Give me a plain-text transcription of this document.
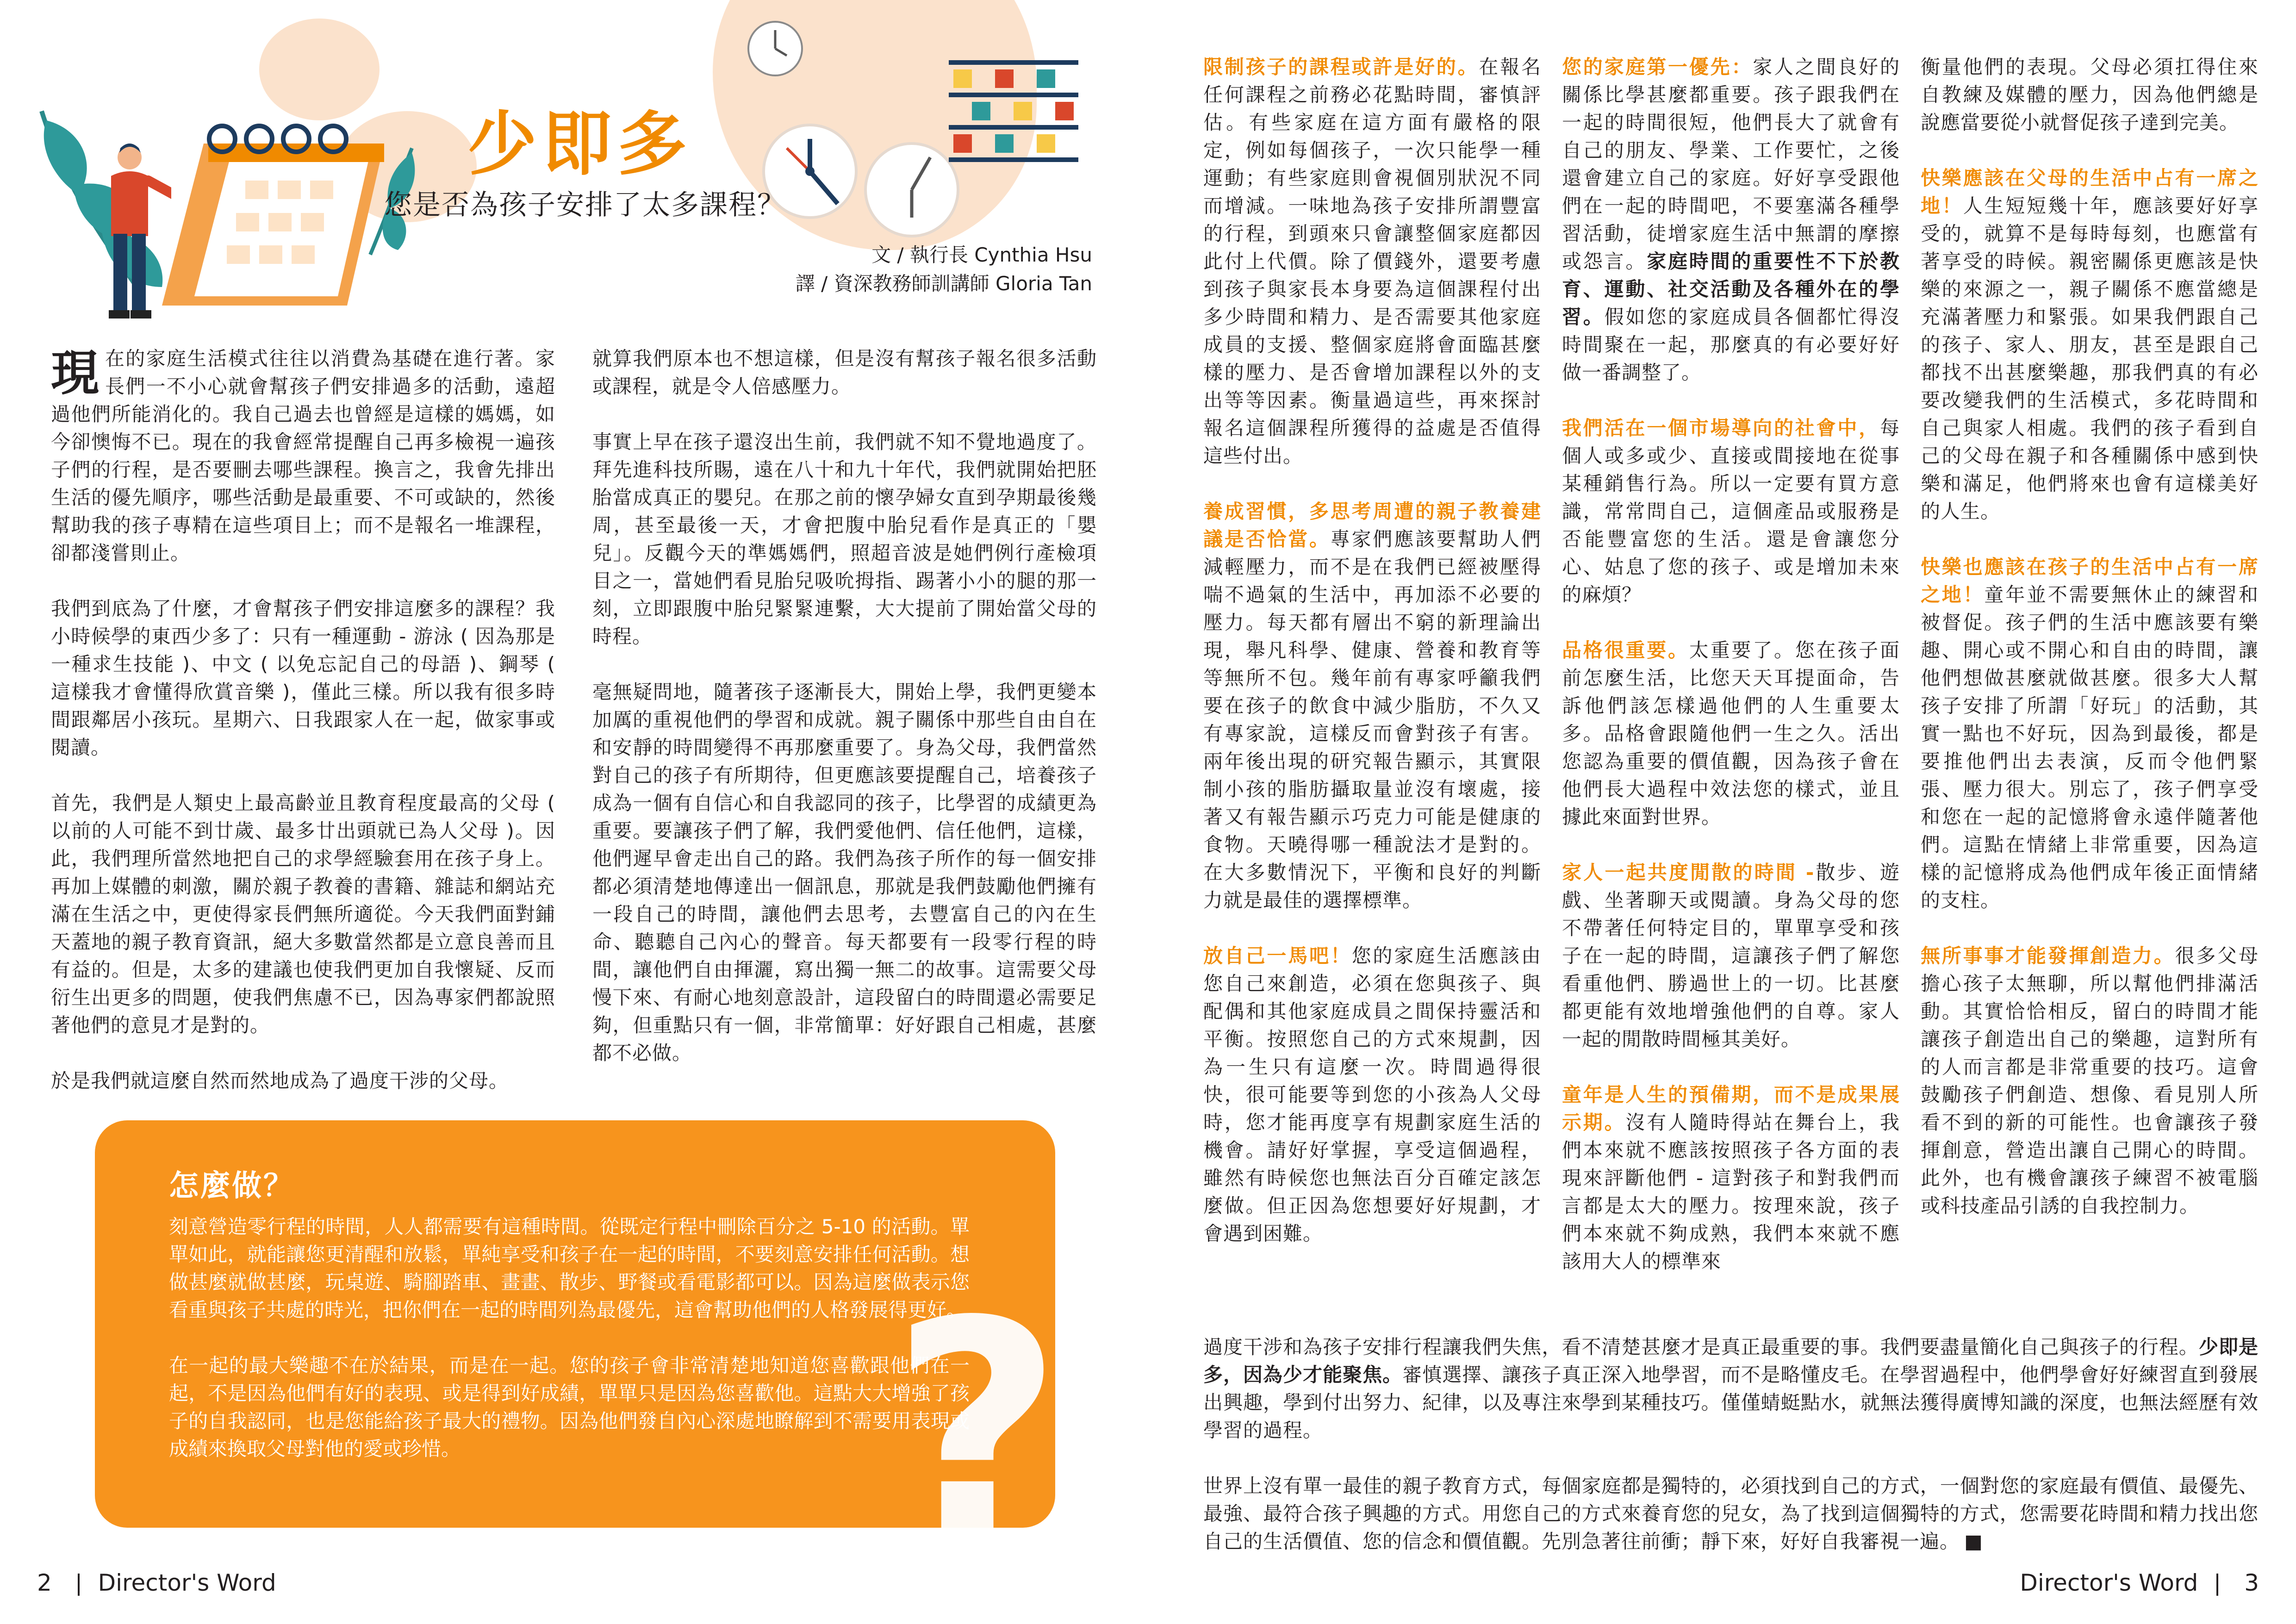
少即多
您是否為孩子安排了太多課程？
文 / 執行長 Cynthia Hsu
譯 / 資深教務師訓講師 Gloria Tan

現 在的家庭生活模式往往以消費為基礎在進行著。家長們一不小心就會幫孩子們安排過多的活動，遠超過他們所能消化的。我自己過去也曾經是這樣的媽媽，如今卻懊悔不已。現在的我會經常提醒自己再多檢視一遍孩子們的行程，是否要刪去哪些課程。換言之，我會先排出生活的優先順序，哪些活動是最重要、不可或缺的，然後幫助我的孩子專精在這些項目上；而不是報名一堆課程，卻都淺嘗則止。

我們到底為了什麼，才會幫孩子們安排這麼多的課程？我小時候學的東西少多了：只有一種運動 - 游泳 ( 因為那是一種求生技能 )、中文 ( 以免忘記自己的母語 )、鋼琴 ( 這樣我才會懂得欣賞音樂 )，僅此三樣。所以我有很多時間跟鄰居小孩玩。星期六、日我跟家人在一起，做家事或閱讀。

首先，我們是人類史上最高齡並且教育程度最高的父母 ( 以前的人可能不到廿歲、最多廿出頭就已為人父母 )。因此，我們理所當然地把自己的求學經驗套用在孩子身上。再加上媒體的刺激，關於親子教養的書籍、雜誌和網站充滿在生活之中，更使得家長們無所適從。今天我們面對鋪天蓋地的親子教育資訊，絕大多數當然都是立意良善而且有益的。但是，太多的建議也使我們更加自我懷疑、反而衍生出更多的問題，使我們焦慮不已，因為專家們都說照著他們的意見才是對的。

於是我們就這麼自然而然地成為了過度干涉的父母。

就算我們原本也不想這樣，但是沒有幫孩子報名很多活動或課程，就是令人倍感壓力。

事實上早在孩子還沒出生前，我們就不知不覺地過度了。拜先進科技所賜，遠在八十和九十年代，我們就開始把胚胎當成真正的嬰兒。在那之前的懷孕婦女直到孕期最後幾周，甚至最後一天，才會把腹中胎兒看作是真正的「嬰兒」。反觀今天的準媽媽們，照超音波是她們例行產檢項目之一，當她們看見胎兒吸吮拇指、踢著小小的腿的那一刻，立即跟腹中胎兒緊緊連繫，大大提前了開始當父母的時程。

毫無疑問地，隨著孩子逐漸長大，開始上學，我們更變本加厲的重視他們的學習和成就。親子關係中那些自由自在和安靜的時間變得不再那麼重要了。身為父母，我們當然對自己的孩子有所期待，但更應該要提醒自己，培養孩子成為一個有自信心和自我認同的孩子，比學習的成績更為重要。要讓孩子們了解，我們愛他們、信任他們，這樣，他們遲早會走出自己的路。我們為孩子所作的每一個安排都必須清楚地傳達出一個訊息，那就是我們鼓勵他們擁有一段自己的時間，讓他們去思考，去豐富自己的內在生命、聽聽自己內心的聲音。每天都要有一段零行程的時間，讓他們自由揮灑，寫出獨一無二的故事。這需要父母慢下來、有耐心地刻意設計，這段留白的時間還必需要足夠，但重點只有一個，非常簡單：好好跟自己相處，甚麼都不必做。

怎麼做？

刻意營造零行程的時間，人人都需要有這種時間。從既定行程中刪除百分之 5-10 的活動。單單如此，就能讓您更清醒和放鬆，單純享受和孩子在一起的時間，不要刻意安排任何活動。想做甚麼就做甚麼，玩桌遊、騎腳踏車、畫畫、散步、野餐或看電影都可以。因為這麼做表示您看重與孩子共處的時光，把你們在一起的時間列為最優先，這會幫助他們的人格發展得更好。

在一起的最大樂趣不在於結果，而是在一起。您的孩子會非常清楚地知道您喜歡跟他們在一起，不是因為他們有好的表現、或是得到好成績，單單只是因為您喜歡他。這點大大增強了孩子的自我認同，也是您能給孩子最大的禮物。因為他們發自內心深處地瞭解到不需要用表現或成績來換取父母對他的愛或珍惜。	?

限制孩子的課程或許是好的。在報名任何課程之前務必花點時間，審慎評估。有些家庭在這方面有嚴格的限定，例如每個孩子，一次只能學一種運動；有些家庭則會視個別狀況不同而增減。一味地為孩子安排所謂豐富的行程，到頭來只會讓整個家庭都因此付上代價。除了價錢外，還要考慮到孩子與家長本身要為這個課程付出多少時間和精力、是否需要其他家庭成員的支援、整個家庭將會面臨甚麼樣的壓力、是否會增加課程以外的支出等等因素。衡量過這些，再來探討報名這個課程所獲得的益處是否值得這些付出。

養成習慣，多思考周遭的親子教養建議是否恰當。專家們應該要幫助人們減輕壓力，而不是在我們已經被壓得喘不過氣的生活中，再加添不必要的壓力。每天都有層出不窮的新理論出現，舉凡科學、健康、營養和教育等等無所不包。幾年前有專家呼籲我們要在孩子的飲食中減少脂肪，不久又有專家說，這樣反而會對孩子有害。兩年後出現的研究報告顯示，其實限制小孩的脂肪攝取量並沒有壞處，接著又有報告顯示巧克力可能是健康的食物。天曉得哪一種說法才是對的。在大多數情況下，平衡和良好的判斷力就是最佳的選擇標準。

放自己一馬吧！您的家庭生活應該由您自己來創造，必須在您與孩子、與配偶和其他家庭成員之間保持靈活和平衡。按照您自己的方式來規劃，因為一生只有這麼一次。時間過得很快，很可能要等到您的小孩為人父母時，您才能再度享有規劃家庭生活的機會。請好好掌握，享受這個過程，雖然有時候您也無法百分百確定該怎麼做。但正因為您想要好好規劃，才會遇到困難。

您的家庭第一優先：家人之間良好的關係比學甚麼都重要。孩子跟我們在一起的時間很短，他們長大了就會有自己的朋友、學業、工作要忙，之後還會建立自己的家庭。好好享受跟他們在一起的時間吧，不要塞滿各種學習活動，徒增家庭生活中無謂的摩擦或怨言。家庭時間的重要性不下於教育、運動、社交活動及各種外在的學習。假如您的家庭成員各個都忙得沒時間聚在一起，那麼真的有必要好好做一番調整了。

我們活在一個市場導向的社會中，每個人或多或少、直接或間接地在從事某種銷售行為。所以一定要有買方意識，常常問自己，這個產品或服務是否能豐富您的生活。還是會讓您分心、姑息了您的孩子、或是增加未來的麻煩？

品格很重要。太重要了。您在孩子面前怎麼生活，比您天天耳提面命，告訴他們該怎樣過他們的人生重要太多。品格會跟隨他們一生之久。活出您認為重要的價值觀，因為孩子會在他們長大過程中效法您的樣式，並且據此來面對世界。

家人一起共度閒散的時間 -散步、遊戲、坐著聊天或閱讀。身為父母的您不帶著任何特定目的，單單享受和孩子在一起的時間，這讓孩子們了解您看重他們、勝過世上的一切。比甚麼都更能有效地增強他們的自尊。家人一起的閒散時間極其美好。

童年是人生的預備期，而不是成果展示期。沒有人隨時得站在舞台上，我們本來就不應該按照孩子各方面的表現來評斷他們 - 這對孩子和對我們而言都是太大的壓力。按理來說，孩子們本來就不夠成熟，我們本來就不應該用大人的標準來

衡量他們的表現。父母必須扛得住來自教練及媒體的壓力，因為他們總是說應當要從小就督促孩子達到完美。

快樂應該在父母的生活中占有一席之地！人生短短幾十年，應該要好好享受的，就算不是每時每刻，也應當有著享受的時候。親密關係更應該是快樂的來源之一，親子關係不應當總是充滿著壓力和緊張。如果我們跟自己的孩子、家人、朋友，甚至是跟自己都找不出甚麼樂趣，那我們真的有必要改變我們的生活模式，多花時間和自己與家人相處。我們的孩子看到自己的父母在親子和各種關係中感到快樂和滿足，他們將來也會有這樣美好的人生。

快樂也應該在孩子的生活中占有一席之地！童年並不需要無休止的練習和被督促。孩子們的生活中應該要有樂趣、開心或不開心和自由的時間，讓他們想做甚麼就做甚麼。很多大人幫孩子安排了所謂「好玩」的活動，其實一點也不好玩，因為到最後，都是要推他們出去表演，反而令他們緊張、壓力很大。別忘了，孩子們享受和您在一起的記憶將會永遠伴隨著他們。這點在情緒上非常重要，因為這樣的記憶將成為他們成年後正面情緒的支柱。

無所事事才能發揮創造力。很多父母擔心孩子太無聊，所以幫他們排滿活動。其實恰恰相反，留白的時間才能讓孩子創造出自己的樂趣，這對所有的人而言都是非常重要的技巧。這會鼓勵孩子們創造、想像、看見別人所看不到的新的可能性。也會讓孩子發揮創意，營造出讓自己開心的時間。此外，也有機會讓孩子練習不被電腦或科技產品引誘的自我控制力。

過度干涉和為孩子安排行程讓我們失焦，看不清楚甚麼才是真正最重要的事。我們要盡量簡化自己與孩子的行程。少即是多，因為少才能聚焦。審慎選擇、讓孩子真正深入地學習，而不是略懂皮毛。在學習過程中，他們學會好好練習直到發展出興趣，學到付出努力、紀律，以及專注來學到某種技巧。僅僅蜻蜓點水，就無法獲得廣博知識的深度，也無法經歷有效學習的過程。

世界上沒有單一最佳的親子教育方式，每個家庭都是獨特的，必須找到自己的方式，一個對您的家庭最有價值、最優先、最強、最符合孩子興趣的方式。用您自己的方式來養育您的兒女，為了找到這個獨特的方式，您需要花時間和精力找出您自己的生活價值、您的信念和價值觀。先別急著往前衝；靜下來，好好自我審視一遍。 ■

2 Director's Word	Director's Word 3
